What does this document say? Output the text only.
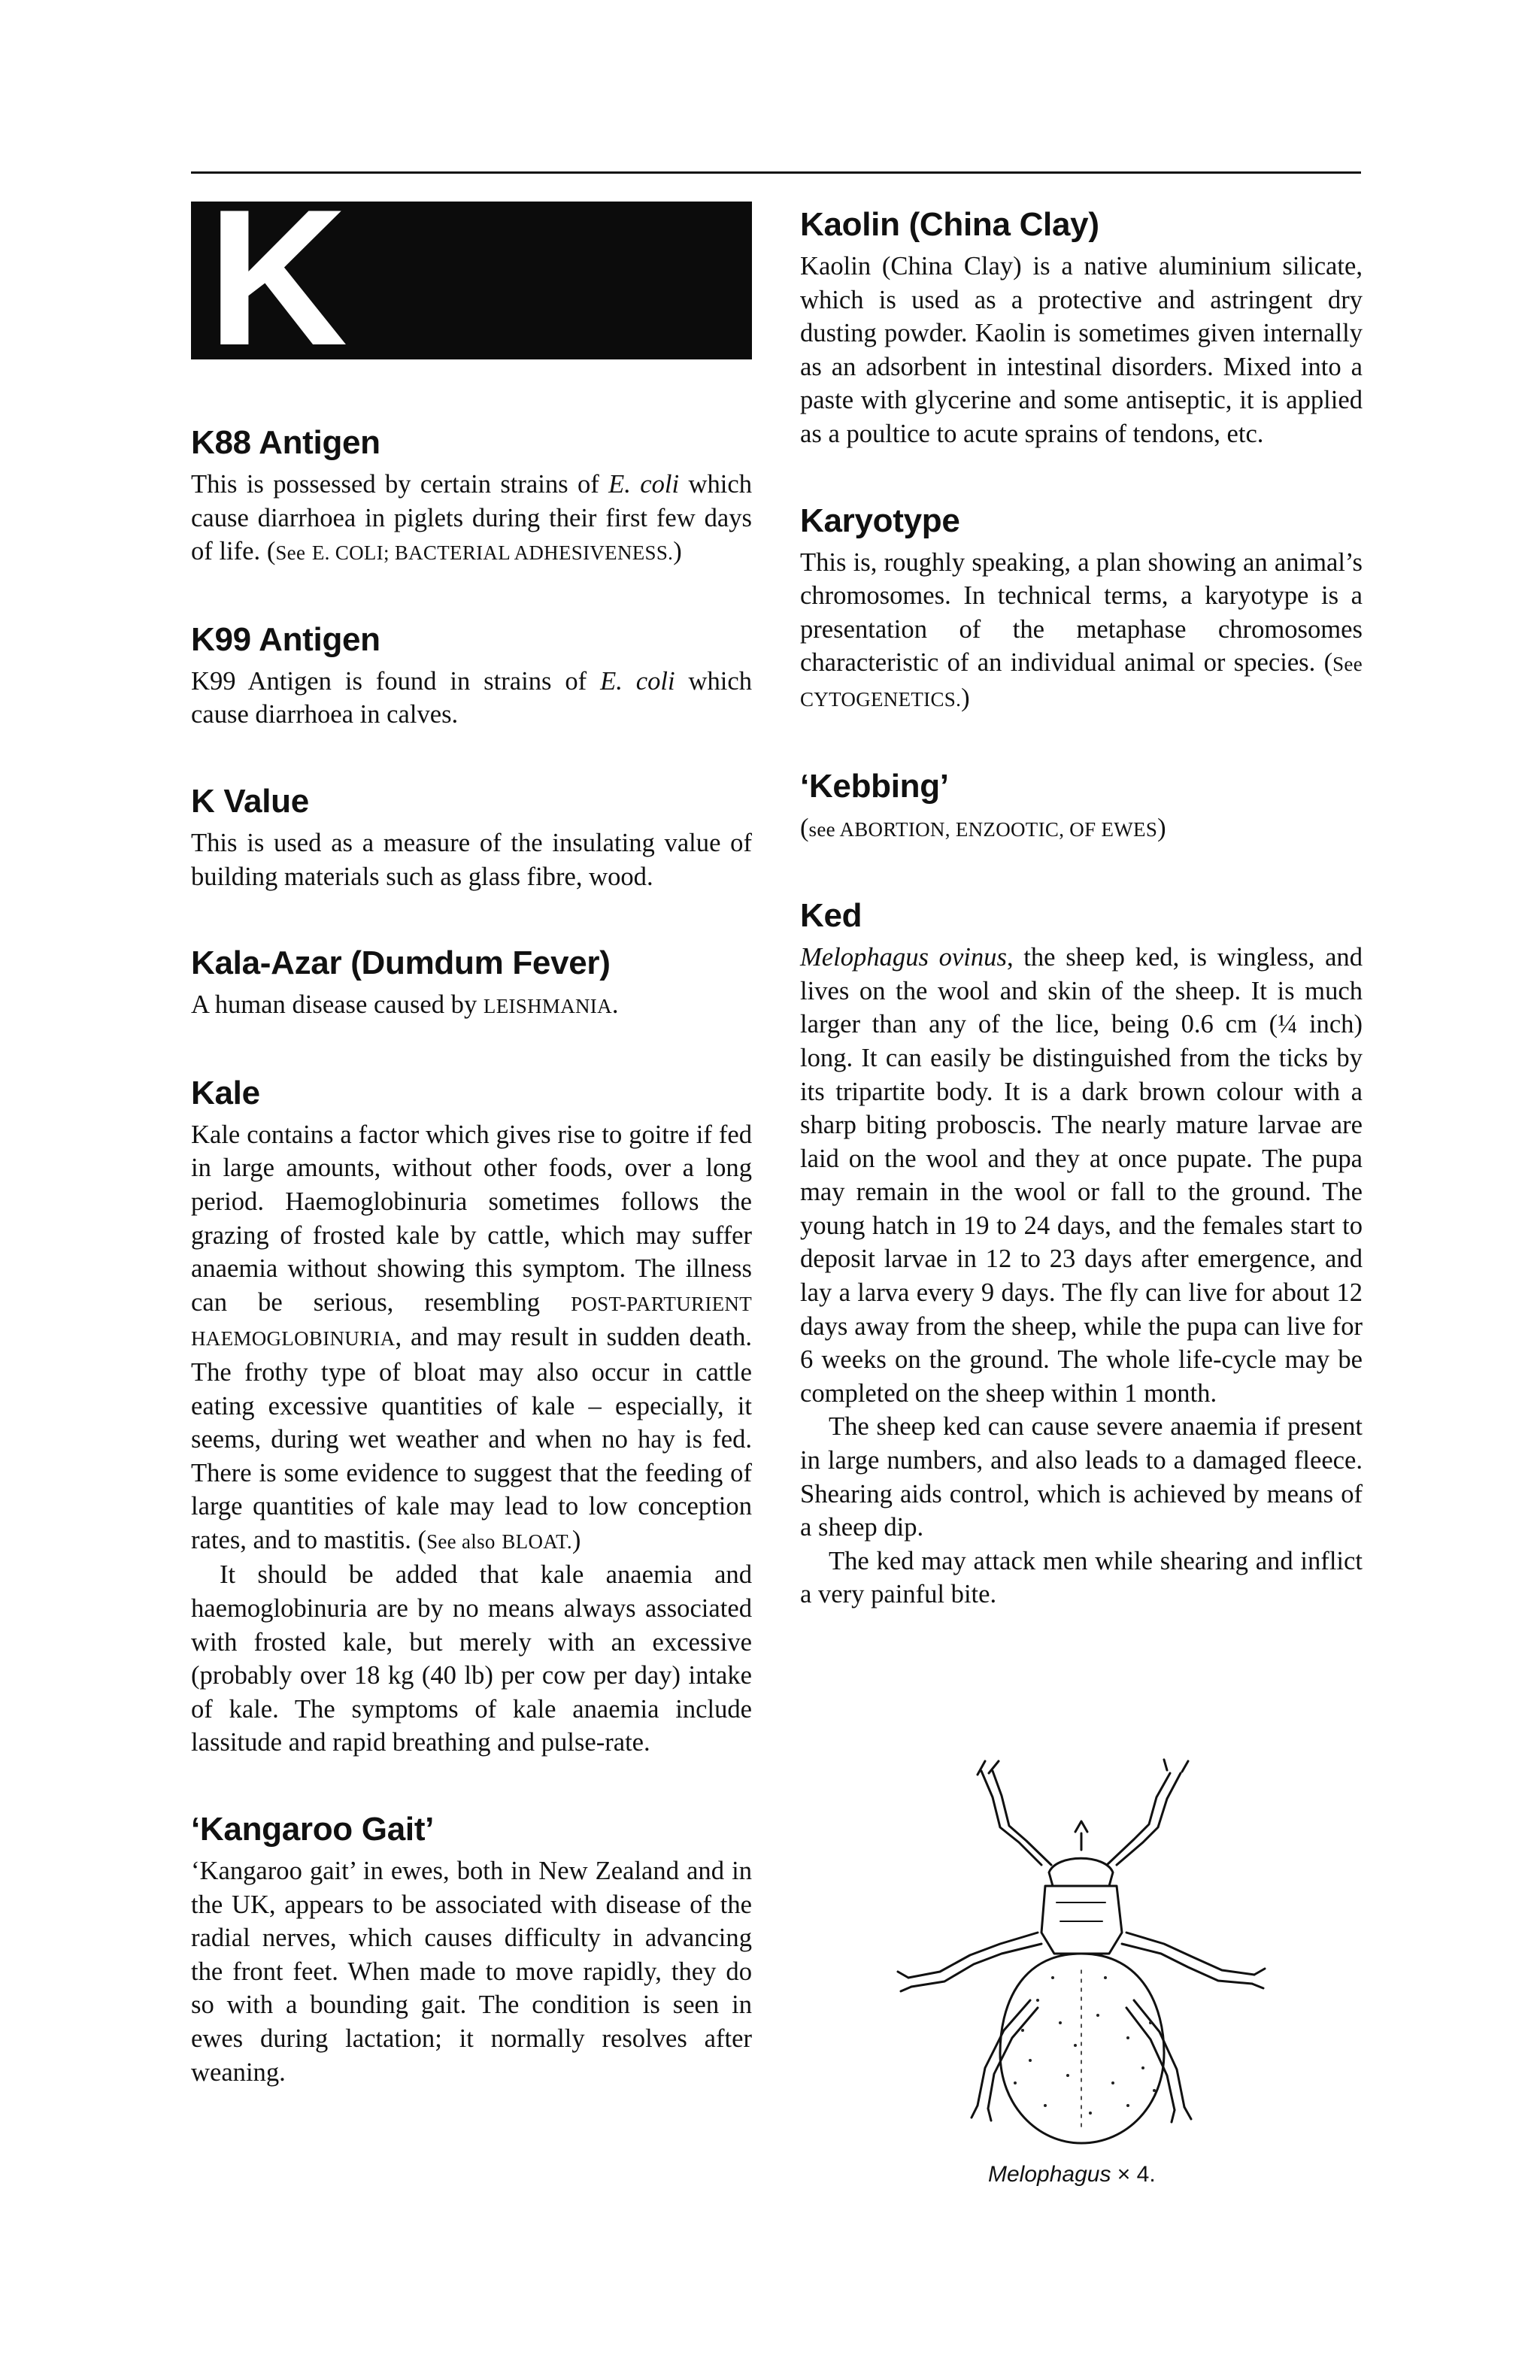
K
K88 Antigen

This is possessed by certain strains of E. coli which cause diarrhoea in piglets during their first few days of life. (See E. COLI; BACTERIAL ADHESIVENESS.)

K99 Antigen

K99 Antigen is found in strains of E. coli which cause diarrhoea in calves.

K Value

This is used as a measure of the insulating value of building materials such as glass fibre, wood.

Kala-Azar (Dumdum Fever)

A human disease caused by LEISHMANIA.

Kale

Kale contains a factor which gives rise to goitre if fed in large amounts, without other foods, over a long period. Haemoglobinuria sometimes follows the grazing of frosted kale by cattle, which may suffer anaemia without showing this symptom. The illness can be serious, resembling POST-PARTURIENT HAEMOGLOBINURIA, and may result in sudden death. The frothy type of bloat may also occur in cattle eating excessive quantities of kale – especially, it seems, during wet weather and when no hay is fed. There is some evidence to suggest that the feeding of large quantities of kale may lead to low conception rates, and to mastitis. (See also BLOAT.)

It should be added that kale anaemia and haemoglobinuria are by no means always associated with frosted kale, but merely with an excessive (probably over 18 kg (40 lb) per cow per day) intake of kale. The symptoms of kale anaemia include lassitude and rapid breathing and pulse-rate.

‘Kangaroo Gait’

‘Kangaroo gait’ in ewes, both in New Zealand and in the UK, appears to be associated with disease of the radial nerves, which causes difficulty in advancing the front feet. When made to move rapidly, they do so with a bounding gait. The condition is seen in ewes during lactation; it normally resolves after weaning.

Kaolin (China Clay)

Kaolin (China Clay) is a native aluminium silicate, which is used as a protective and astringent dry dusting powder. Kaolin is sometimes given internally as an adsorbent in intestinal disorders. Mixed into a paste with glycerine and some antiseptic, it is applied as a poultice to acute sprains of tendons, etc.

Karyotype

This is, roughly speaking, a plan showing an animal’s chromosomes. In technical terms, a karyotype is a presentation of the metaphase chromosomes characteristic of an individual animal or species. (See CYTOGENETICS.)

‘Kebbing’

(see ABORTION, ENZOOTIC, OF EWES)

Ked

Melophagus ovinus, the sheep ked, is wingless, and lives on the wool and skin of the sheep. It is much larger than any of the lice, being 0.6 cm (¼ inch) long. It can easily be distinguished from the ticks by its tripartite body. It is a dark brown colour with a sharp biting proboscis. The nearly mature larvae are laid on the wool and they at once pupate. The pupa may remain in the wool or fall to the ground. The young hatch in 19 to 24 days, and the females start to deposit larvae in 12 to 23 days after emergence, and lay a larva every 9 days. The fly can live for about 12 days away from the sheep, while the pupa can live for 6 weeks on the ground. The whole life-cycle may be completed on the sheep within 1 month.

The sheep ked can cause severe anaemia if present in large numbers, and also leads to a damaged fleece. Shearing aids control, which is achieved by means of a sheep dip.

The ked may attack men while shearing and inflict a very painful bite.

Melophagus × 4.
